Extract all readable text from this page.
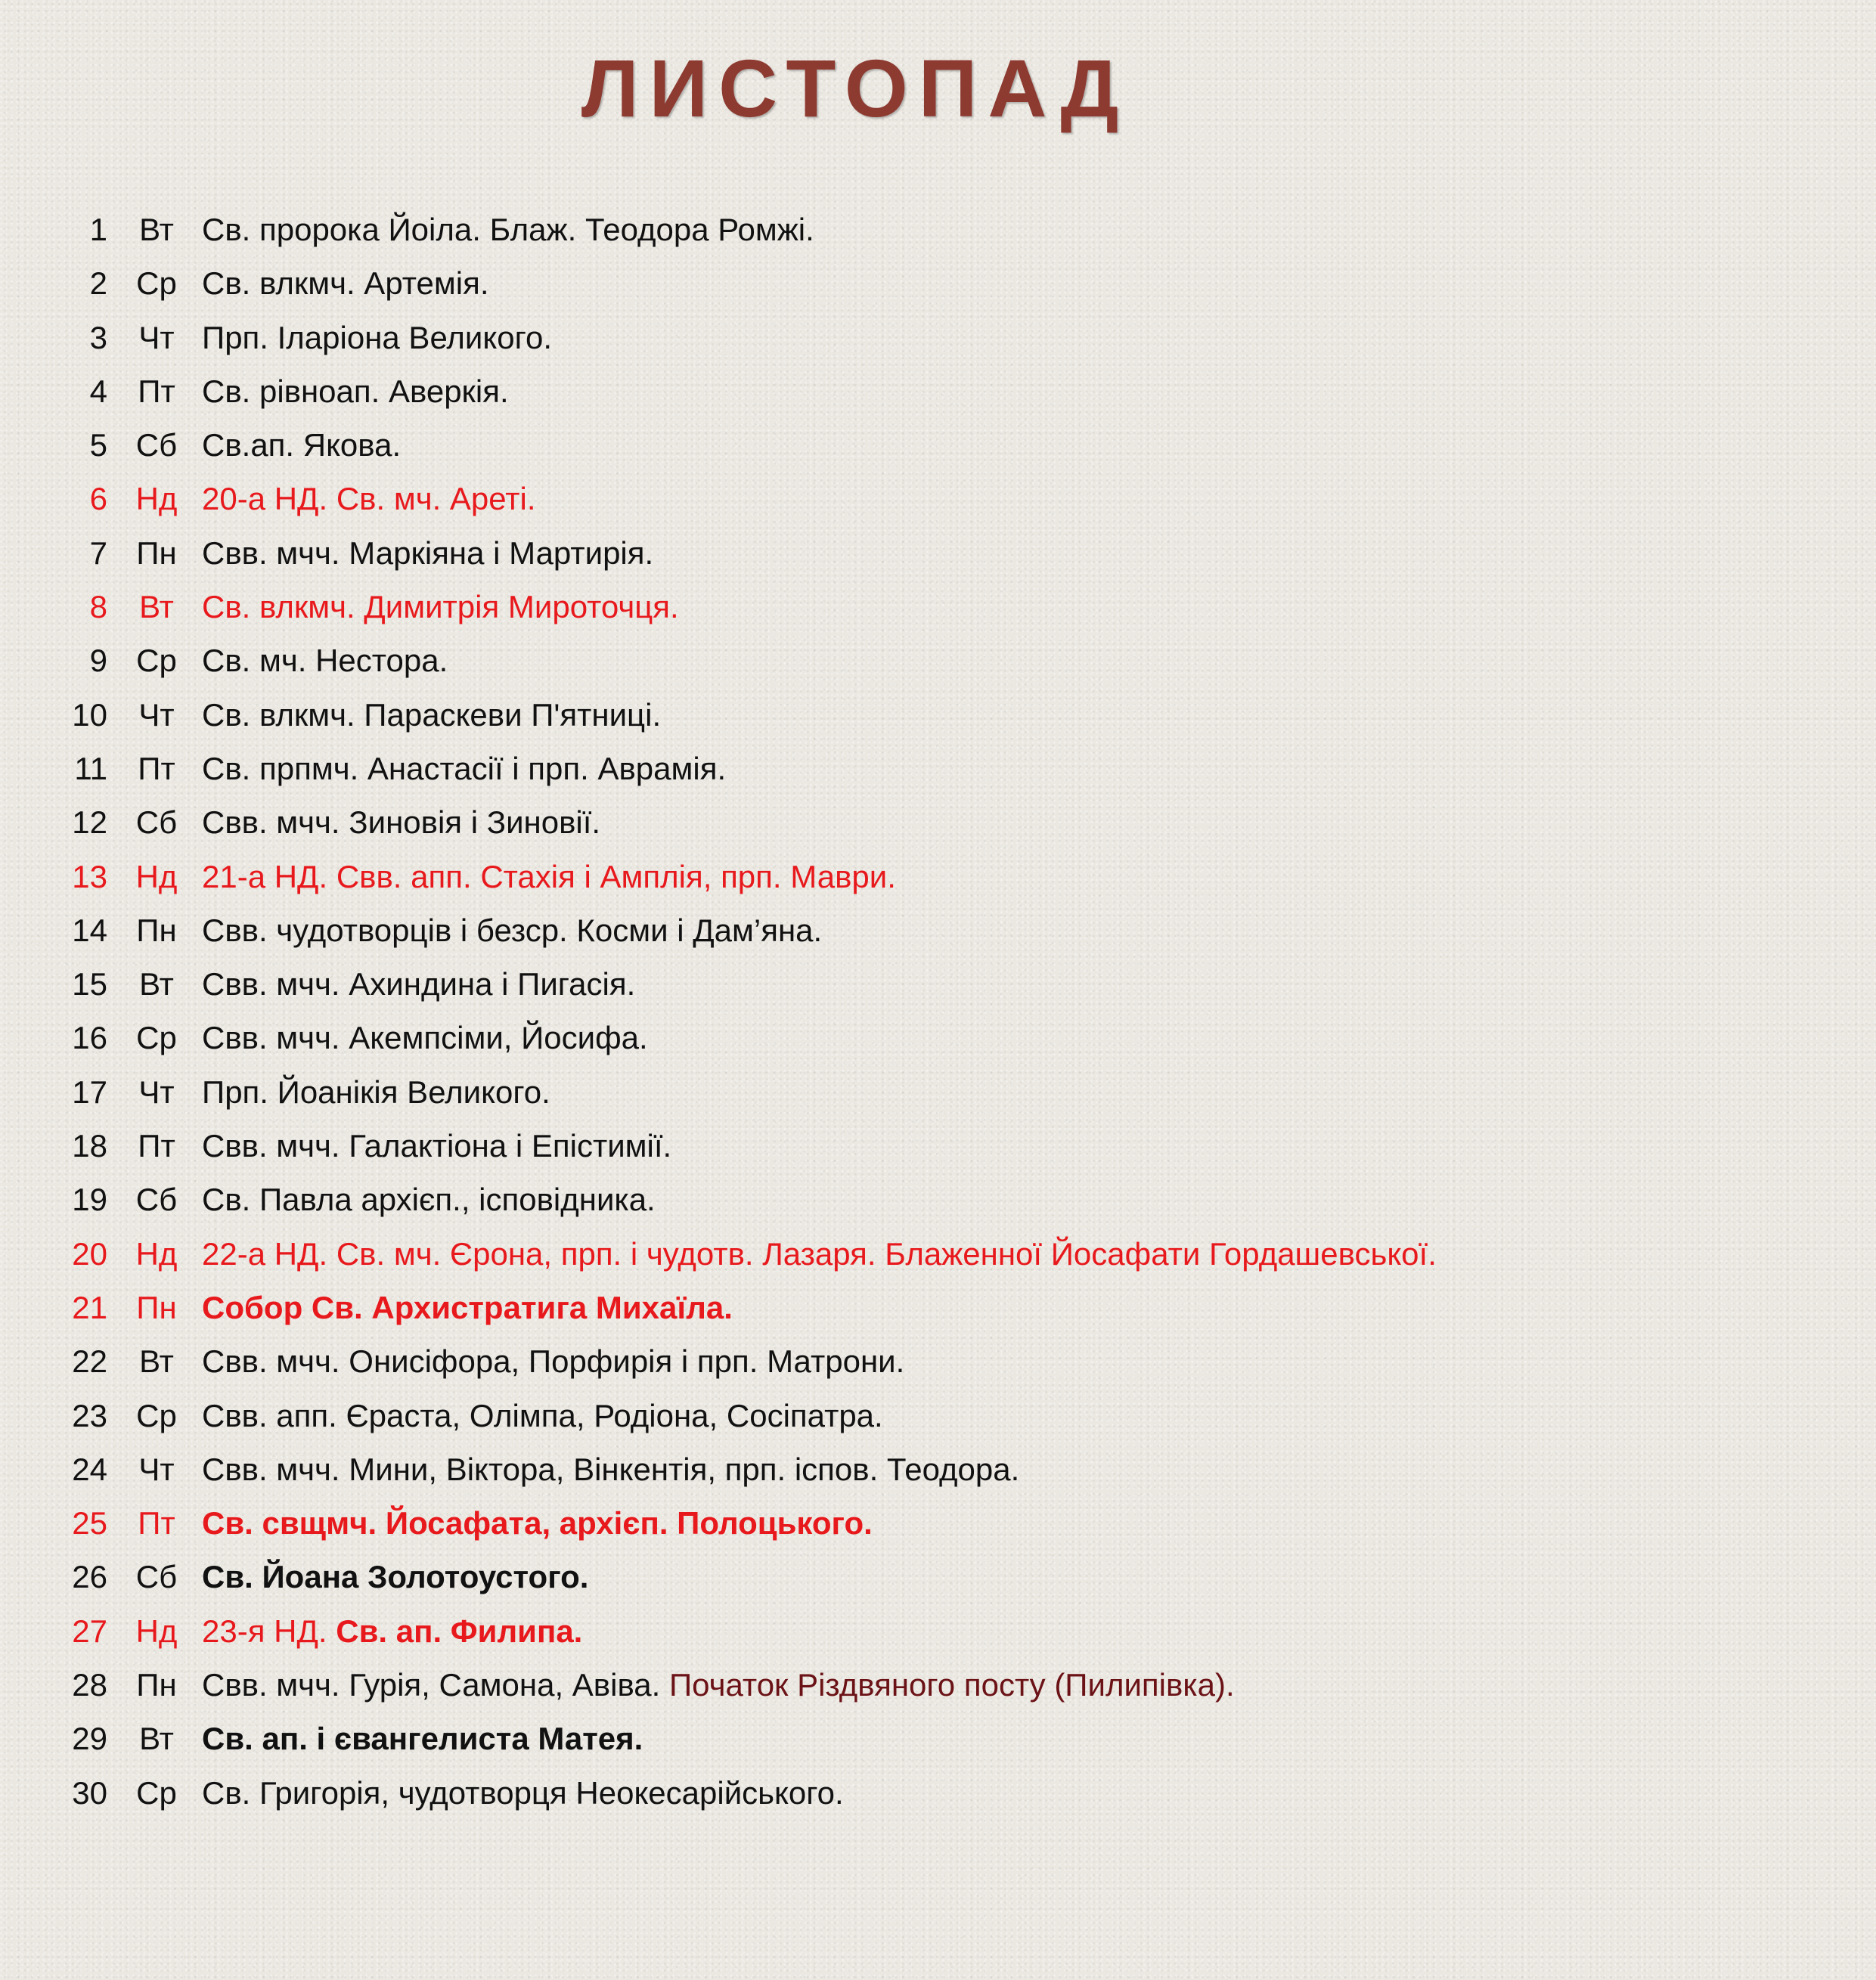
ЛИСТОПАД
1 Вт Св. пророка Йоіла. Блаж. Теодора Ромжі.
2 Ср Св. влкмч. Артемія.
3 Чт Прп. Іларіона Великого.
4 Пт Св. рівноап. Аверкія.
5 Сб Св.ап. Якова.
6 Нд 20-а НД. Св. мч. Ареті.
7 Пн Свв. мчч. Маркіяна і Мартирія.
8 Вт Св. влкмч. Димитрія Мироточця.
9 Ср Св. мч. Нестора.
10 Чт Св. влкмч. Параскеви П'ятниці.
11 Пт Св. прпмч. Анастасії і прп. Аврамія.
12 Сб Свв. мчч. Зиновія і Зиновії.
13 Нд 21-а НД. Свв. апп. Стахія і Амплія, прп. Маври.
14 Пн Свв. чудотворців і безср. Косми і Дам’яна.
15 Вт Свв. мчч. Ахиндина і Пигасія.
16 Ср Свв. мчч. Акемпсіми, Йосифа.
17 Чт Прп. Йоанікія Великого.
18 Пт Свв. мчч. Галактіона і Епістимії.
19 Сб Св. Павла архієп., ісповідника.
20 Нд 22-а НД. Св. мч. Єрона, прп. і чудотв. Лазаря. Блаженної Йосафати Гордашевської.
21 Пн Собор Св. Архистратига Михаїла.
22 Вт Свв. мчч. Онисіфора, Порфирія і прп. Матрони.
23 Ср Свв. апп. Єраста, Олімпа, Родіона, Сосіпатра.
24 Чт Свв. мчч. Мини, Віктора, Вінкентія, прп. іспов. Теодора.
25 Пт Св. свщмч. Йосафата, архієп. Полоцького.
26 Сб Св. Йоана Золотоустого.
27 Нд 23-я НД. Св. ап. Филипа.
28 Пн Свв. мчч. Гурія, Самона, Авіва. Початок Різдвяного посту (Пилипівка).
29 Вт Св. ап. і євангелиста Матея.
30 Ср Св. Григорія, чудотворця Неокесарійського.
